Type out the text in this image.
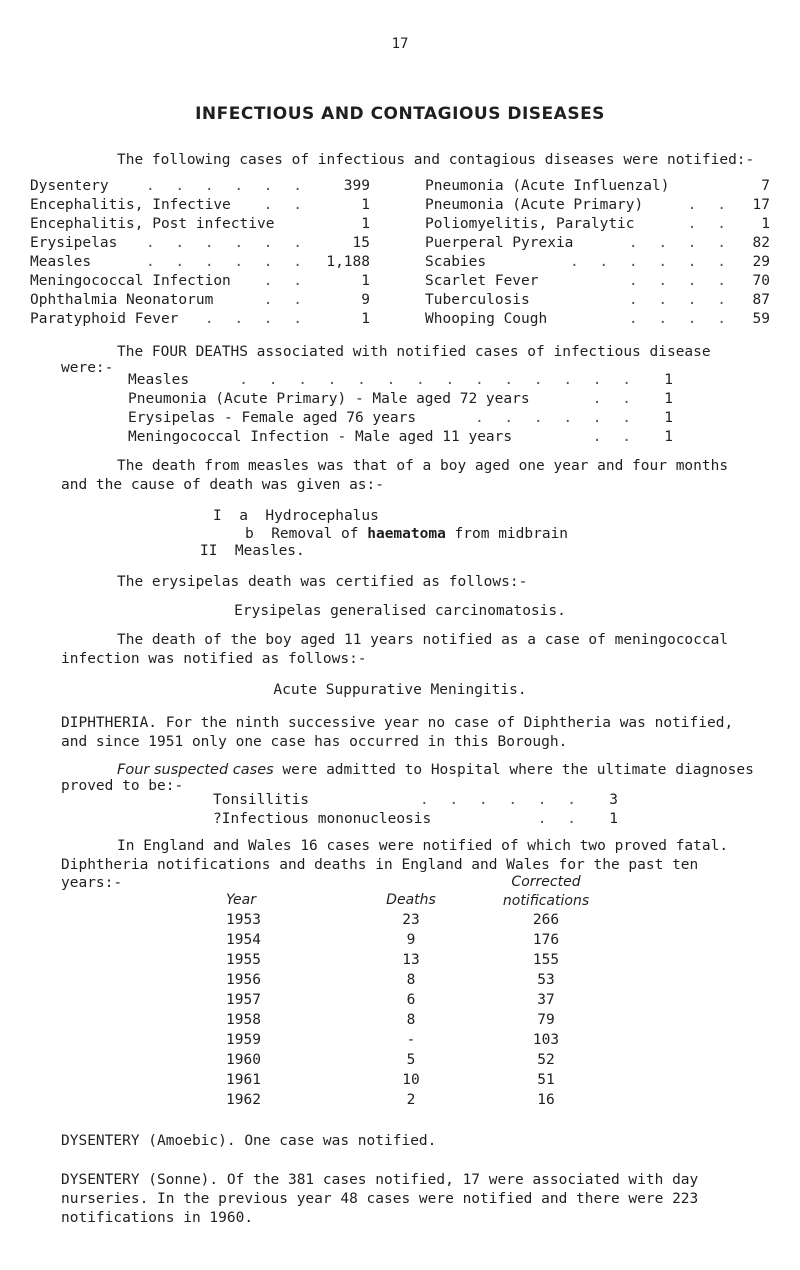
17
INFECTIOUS AND CONTAGIOUS DISEASES
The following cases of infectious and contagious diseases were notified:-
Dysentery	. . . . . . 399
Encephalitis, Infective . .	1
Encephalitis, Post infective	1
Erysipelas . . . . . .	15
Measles	. . . . . . 1,188
Meningococcal Infection . .	1
Ophthalmia Neonatorum	. .	9
Paratyphoid Fever . . . .	1
Pneumonia (Acute Influenzal)	7
Pneumonia (Acute Primary)	. . 17
Poliomyelitis, Paralytic	. . 1
Puerperal Pyrexia	. . . . 82
Scabies	. . . . . . 29
Scarlet Fever	. . . . 70
Tuberculosis	. . . . 87
Whooping Cough	. . . . 59
The FOUR DEATHS associated with notified cases of infectious disease
were:-
Measles	. . . . . . . . . . . . . . 1
Pneumonia (Acute Primary) - Male aged 72 years	. . 1
Erysipelas - Female aged 76 years	. . . . . . 1
Meningococcal Infection - Male aged 11 years	. . 1
The death from measles was that of a boy aged one year and four months
and the cause of death was given as:-
I  a  Hydrocephalus
b  Removal of haematoma from midbrain
II  Measles.
The erysipelas death was certified as follows:-
Erysipelas generalised carcinomatosis.
The death of the boy aged 11 years notified as a case of meningococcal
infection was notified as follows:-
Acute Suppurative Meningitis.
DIPHTHERIA. For the ninth successive year no case of Diphtheria was notified,
and since 1951 only one case has occurred in this Borough.
Four suspected cases were admitted to Hospital where the ultimate diagnoses
proved to be:-
Tonsillitis	. . . . . . 3
?Infectious mononucleosis	. . 1
In England and Wales 16 cases were notified of which two proved fatal.
Diphtheria notifications and deaths in England and Wales for the past ten
years:-
Year	Deaths	Corrected
notifications

1953	23	266
1954	9	176
1955	13	155
1956	8	53
1957	6	37
1958	8	79
1959	-	103
1960	5	52
1961	10	51
1962	2	16
DYSENTERY (Amoebic). One case was notified.
DYSENTERY (Sonne). Of the 381 cases notified, 17 were associated with day
nurseries. In the previous year 48 cases were notified and there were 223
notifications in 1960.
